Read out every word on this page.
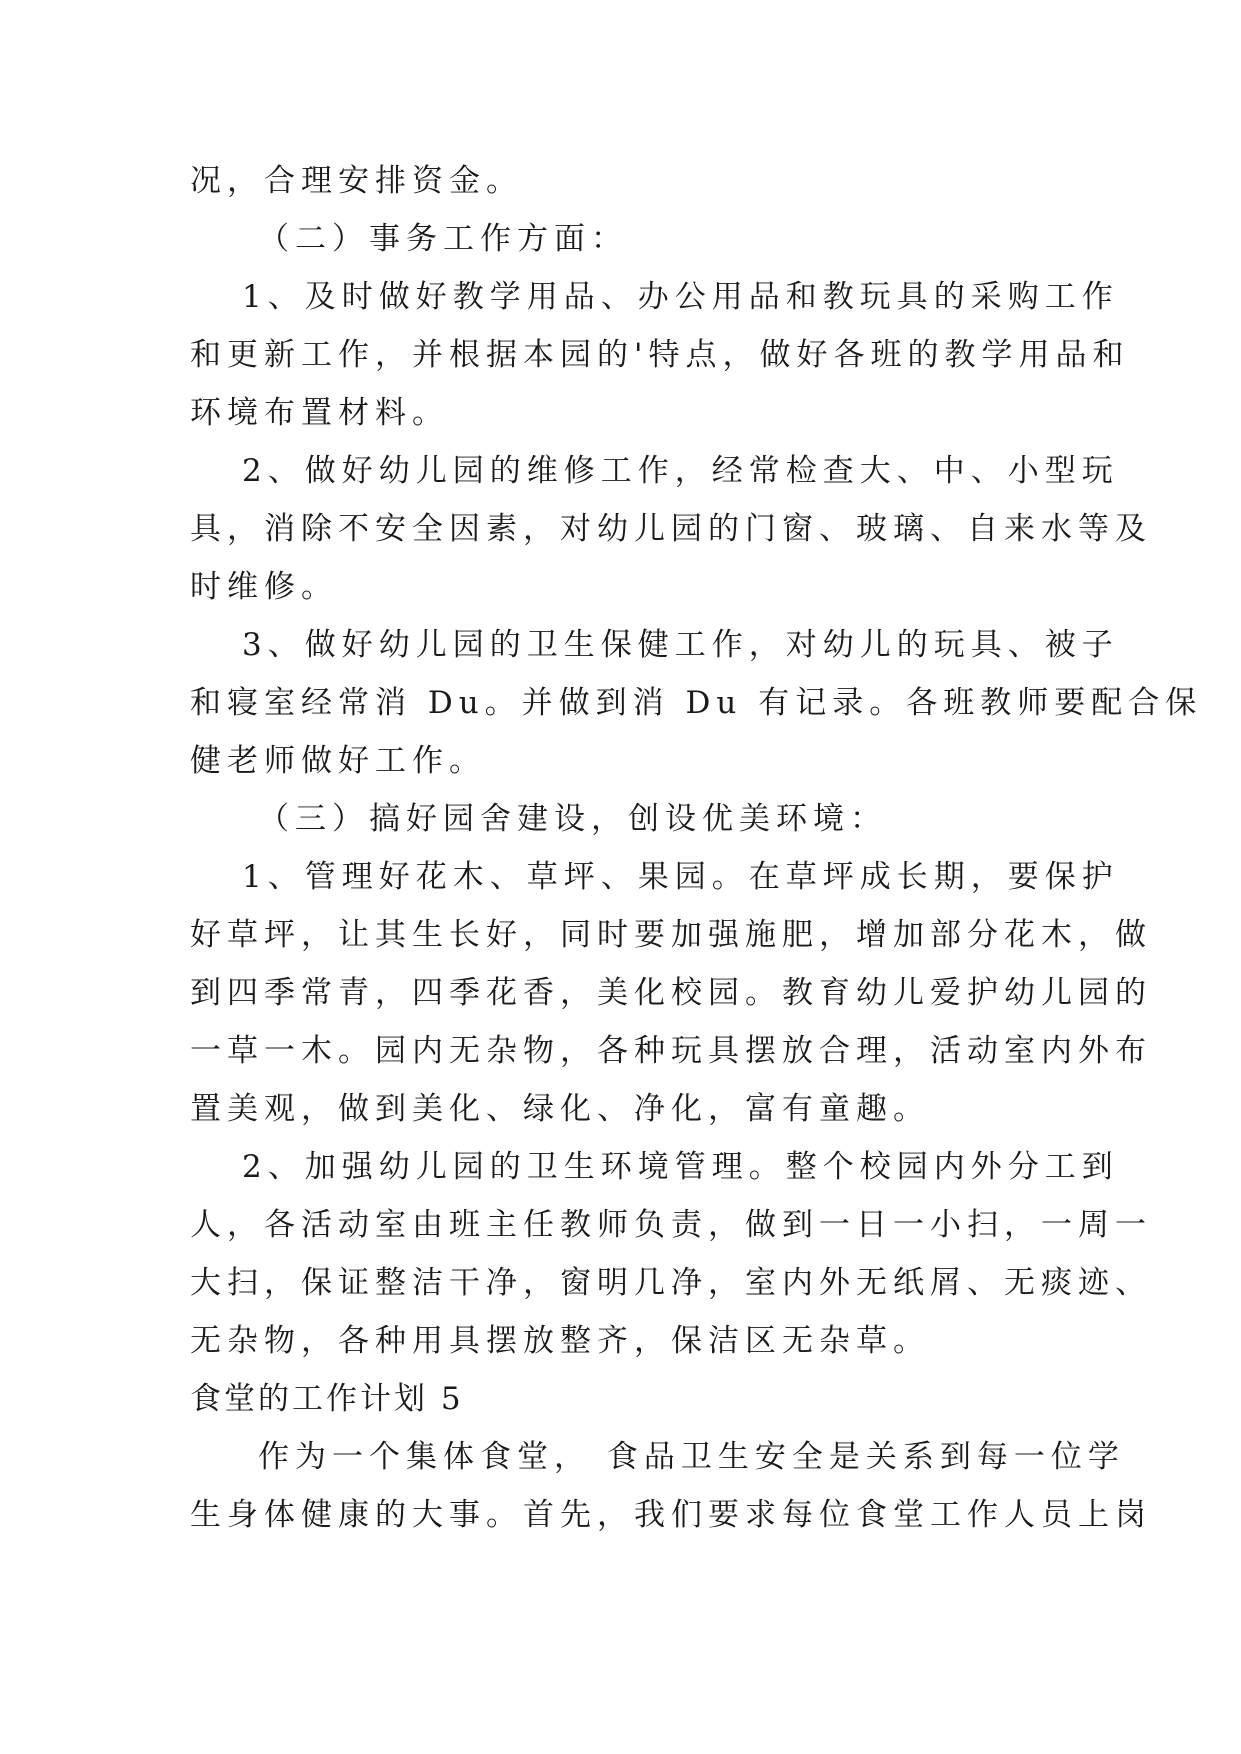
况，合理安排资金。
（二）事务工作方面：
1、及时做好教学用品、办公用品和教玩具的采购工作
和更新工作，并根据本园的'特点，做好各班的教学用品和
环境布置材料。
2、做好幼儿园的维修工作，经常检查大、中、小型玩
具，消除不安全因素，对幼儿园的门窗、玻璃、自来水等及
时维修。
3、做好幼儿园的卫生保健工作，对幼儿的玩具、被子
和寝室经常消 Du。并做到消 Du 有记录。各班教师要配合保
健老师做好工作。
（三）搞好园舍建设，创设优美环境：
1、管理好花木、草坪、果园。在草坪成长期，要保护
好草坪，让其生长好，同时要加强施肥，增加部分花木，做
到四季常青，四季花香，美化校园。教育幼儿爱护幼儿园的
一草一木。园内无杂物，各种玩具摆放合理，活动室内外布
置美观，做到美化、绿化、净化，富有童趣。
2、加强幼儿园的卫生环境管理。整个校园内外分工到
人，各活动室由班主任教师负责，做到一日一小扫，一周一
大扫，保证整洁干净，窗明几净，室内外无纸屑、无痰迹、
无杂物，各种用具摆放整齐，保洁区无杂草。
食堂的工作计划 5
作为一个集体食堂， 食品卫生安全是关系到每一位学
生身体健康的大事。首先，我们要求每位食堂工作人员上岗
